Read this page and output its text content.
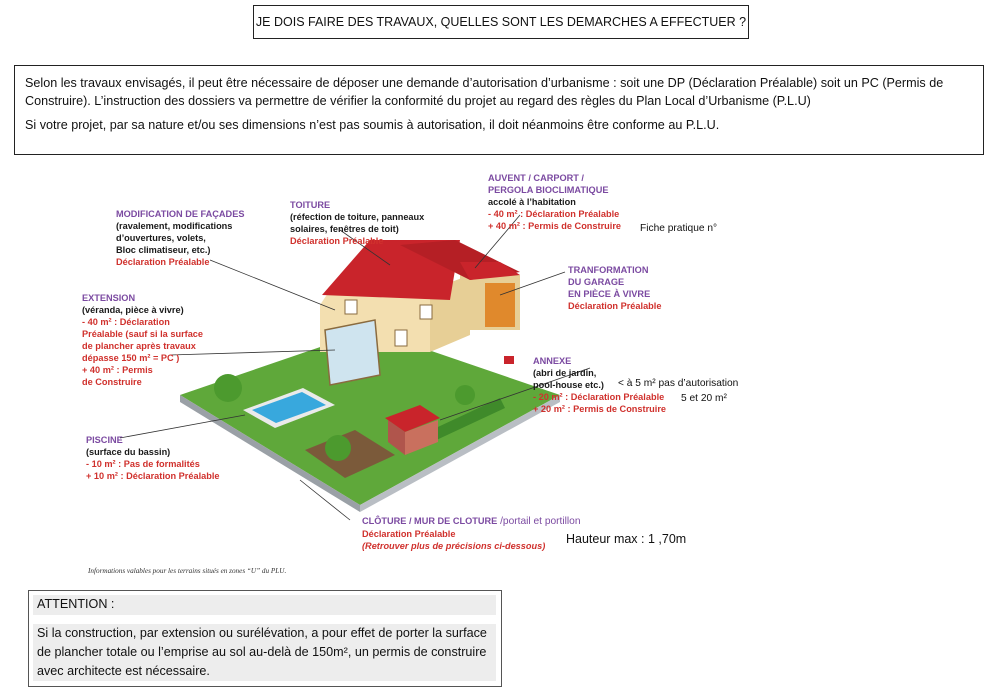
JE DOIS FAIRE DES TRAVAUX, QUELLES SONT LES DEMARCHES A EFFECTUER ?

Selon les travaux envisagés, il peut être nécessaire de déposer une demande d’autorisation d’urbanisme : soit une DP (Déclaration Préalable) soit un PC (Permis de Construire). L’instruction des dossiers va permettre de vérifier la conformité du projet au regard des règles du Plan Local d’Urbanisme (P.L.U)

Si votre projet, par sa nature et/ou ses dimensions n’est pas soumis à autorisation, il doit néanmoins être conforme au P.L.U.

MODIFICATION DE FAÇADES
(ravalement, modifications
d’ouvertures, volets,
Bloc climatiseur, etc.)
Déclaration Préalable
TOITURE
(réfection de toiture, panneaux
solaires, fenêtres de toit)
Déclaration Préalable
AUVENT / CARPORT /
PERGOLA BIOCLIMATIQUE
accolé à l’habitation
- 40 m² : Déclaration Préalable
+ 40 m² : Permis de Construire Fiche pratique n°
TRANFORMATION
DU GARAGE
EN PIÈCE À VIVRE
Déclaration Préalable
EXTENSION
(véranda, pièce à vivre)
- 40 m² : Déclaration
Préalable (sauf si la surface
de plancher après travaux
dépasse 150 m² = PC )
+ 40 m² : Permis
de Construire
ANNEXE
(abri de jardin,
pool-house etc.)
- 20 m² : Déclaration Préalable
+ 20 m² : Permis de Construire
< à 5 m² pas d’autorisation
5 et 20 m²
PISCINE
(surface du bassin)
- 10 m² : Pas de formalités
+ 10 m² : Déclaration Préalable
CLÔTURE / MUR DE CLOTURE /portail et portillon
Déclaration Préalable
(Retrouver plus de précisions ci-dessous)	Hauteur max : 1 ,70m
Informations valables pour les terrains situés en zones “U” du PLU.
ATTENTION :
Si la construction, par extension ou surélévation, a pour effet de porter la surface de plancher totale ou l’emprise au sol au-delà de 150m², un permis de construire avec architecte est nécessaire.
